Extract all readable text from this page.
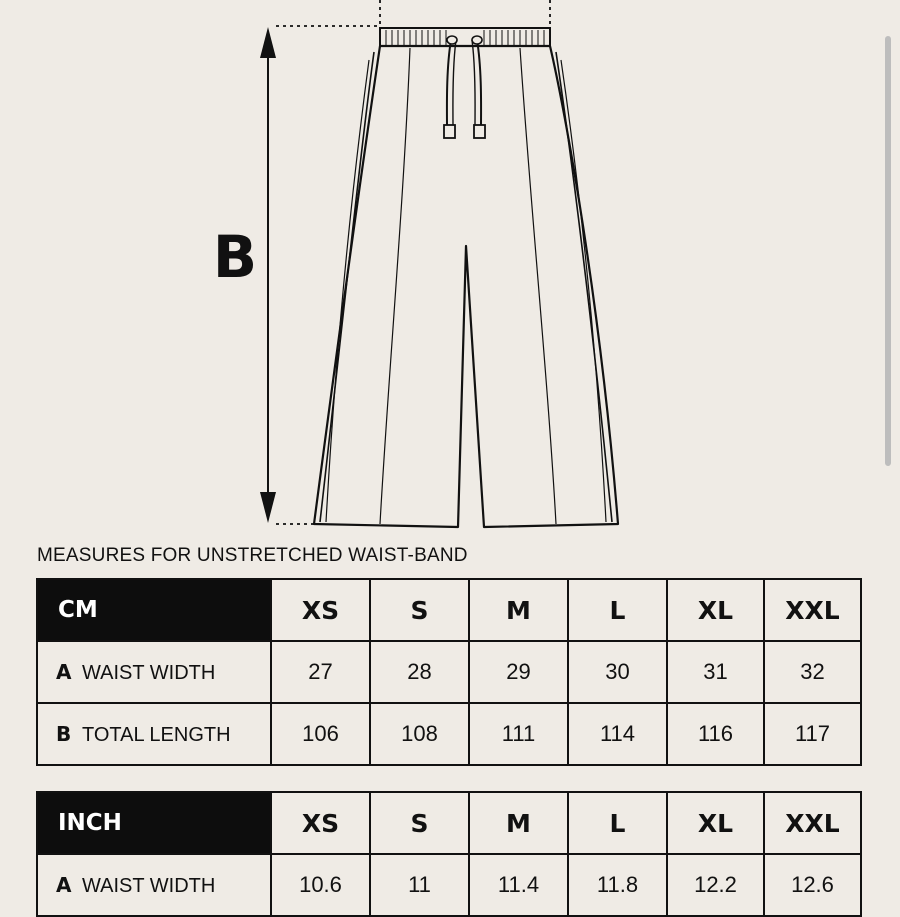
B
MEASURES FOR UNSTRETCHED WAIST-BAND
CM	XS	S	M	L	XL	XXL
A WAIST WIDTH	27	28	29	30	31	32
B TOTAL LENGTH	106	108	111	114	116	117
INCH	XS	S	M	L	XL	XXL
A WAIST WIDTH	10.6	11	11.4	11.8	12.2	12.6
